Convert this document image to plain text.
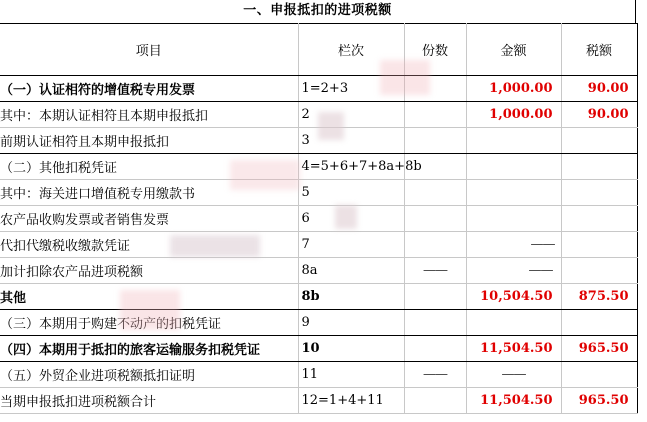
一、申报抵扣的进项税额
项目	栏次	份数	金额	税额
（一）认证相符的增值税专用发票	1=2+3		1,000.00	90.00
其中：本期认证相符且本期申报抵扣	2		1,000.00	90.00
前期认证相符且本期申报抵扣	3			
（二）其他扣税凭证	4=5+6+7+8a+8b			
其中：海关进口增值税专用缴款书	5			
农产品收购发票或者销售发票	6			
代扣代缴税收缴款凭证	7		——	
加计扣除农产品进项税额	8a	——	——	
其他	8b		10,504.50	875.50
（三）本期用于购建不动产的扣税凭证	9			
（四）本期用于抵扣的旅客运输服务扣税凭证	10		11,504.50	965.50
（五）外贸企业进项税额抵扣证明	11	——	——	
当期申报抵扣进项税额合计	12=1+4+11		11,504.50	965.50
